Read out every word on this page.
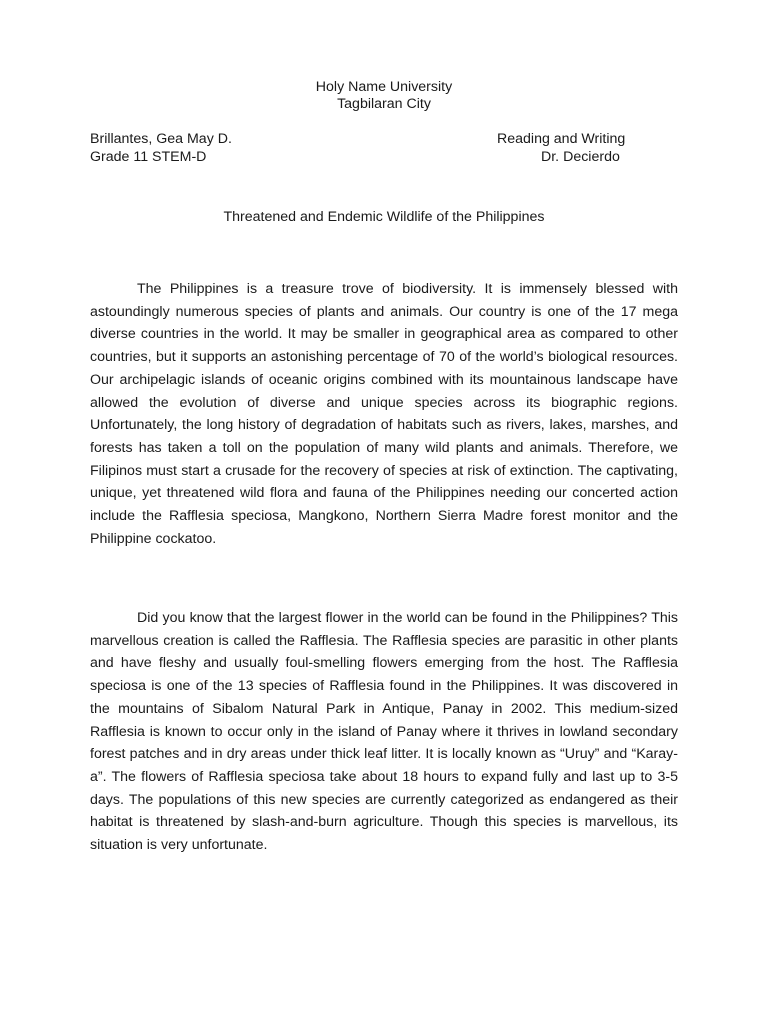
Holy Name University
Tagbilaran City
Brillantes, Gea May D.
Grade 11 STEM-D
Reading and Writing
Dr. Decierdo
Threatened and Endemic Wildlife of the Philippines

The Philippines is a treasure trove of biodiversity. It is immensely blessed with astoundingly numerous species of plants and animals. Our country is one of the 17 mega diverse countries in the world. It may be smaller in geographical area as compared to other countries, but it supports an astonishing percentage of 70 of the world’s biological resources. Our archipelagic islands of oceanic origins combined with its mountainous landscape have allowed the evolution of diverse and unique species across its biographic regions. Unfortunately, the long history of degradation of habitats such as rivers, lakes, marshes, and forests has taken a toll on the population of many wild plants and animals. Therefore, we Filipinos must start a crusade for the recovery of species at risk of extinction. The captivating, unique, yet threatened wild flora and fauna of the Philippines needing our concerted action include the Rafflesia speciosa, Mangkono, Northern Sierra Madre forest monitor and the Philippine cockatoo.

Did you know that the largest flower in the world can be found in the Philippines? This marvellous creation is called the Rafflesia. The Rafflesia species are parasitic in other plants and have fleshy and usually foul-smelling flowers emerging from the host. The Rafflesia speciosa is one of the 13 species of Rafflesia found in the Philippines. It was discovered in the mountains of Sibalom Natural Park in Antique, Panay in 2002. This medium-sized Rafflesia is known to occur only in the island of Panay where it thrives in lowland secondary forest patches and in dry areas under thick leaf litter. It is locally known as “Uruy” and “Karay-a”. The flowers of Rafflesia speciosa take about 18 hours to expand fully and last up to 3-5 days. The populations of this new species are currently categorized as endangered as their habitat is threatened by slash-and-burn agriculture. Though this species is marvellous, its situation is very unfortunate.
